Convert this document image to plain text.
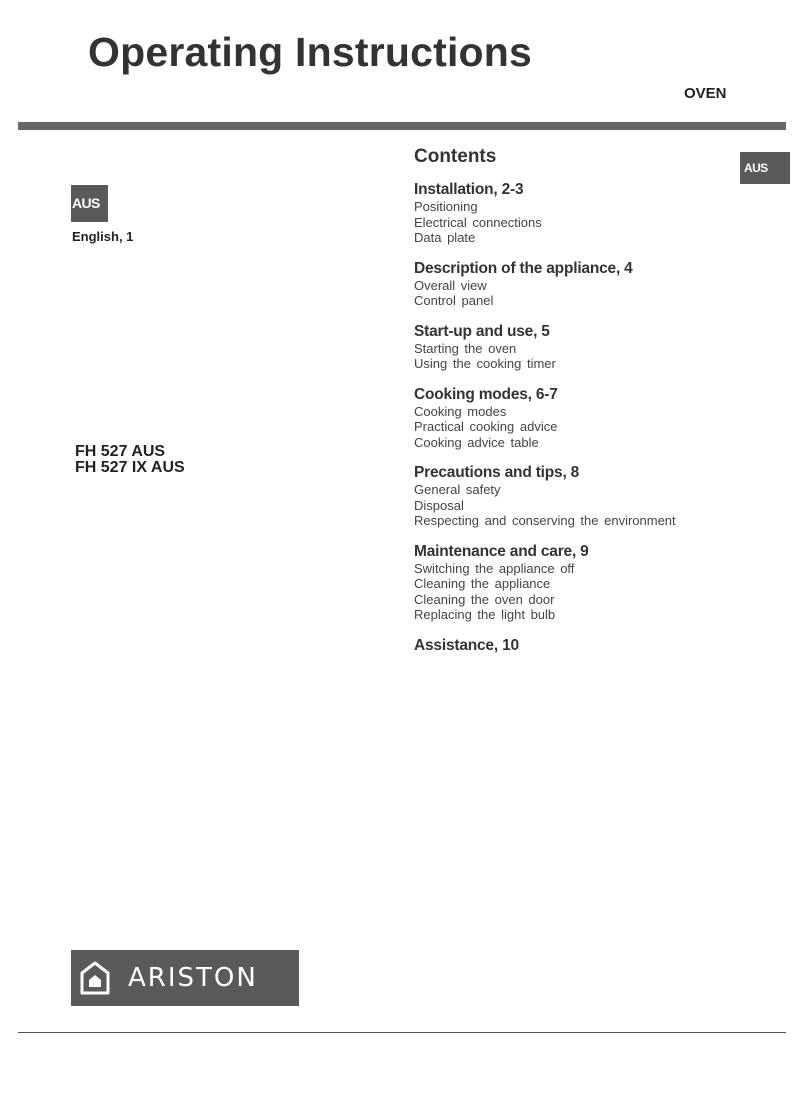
Operating Instructions
OVEN
AUS
AUS
English, 1
FH 527 AUS
FH 527 IX AUS
Contents
Installation, 2-3
Positioning
Electrical connections
Data plate
Description of the appliance, 4
Overall view
Control panel
Start-up and use, 5
Starting the oven
Using the cooking timer
Cooking modes, 6-7
Cooking modes
Practical cooking advice
Cooking advice table
Precautions and tips, 8
General safety
Disposal
Respecting and conserving the environment
Maintenance and care, 9
Switching the appliance off
Cleaning the appliance
Cleaning the oven door
Replacing the light bulb
Assistance, 10
ARISTON
